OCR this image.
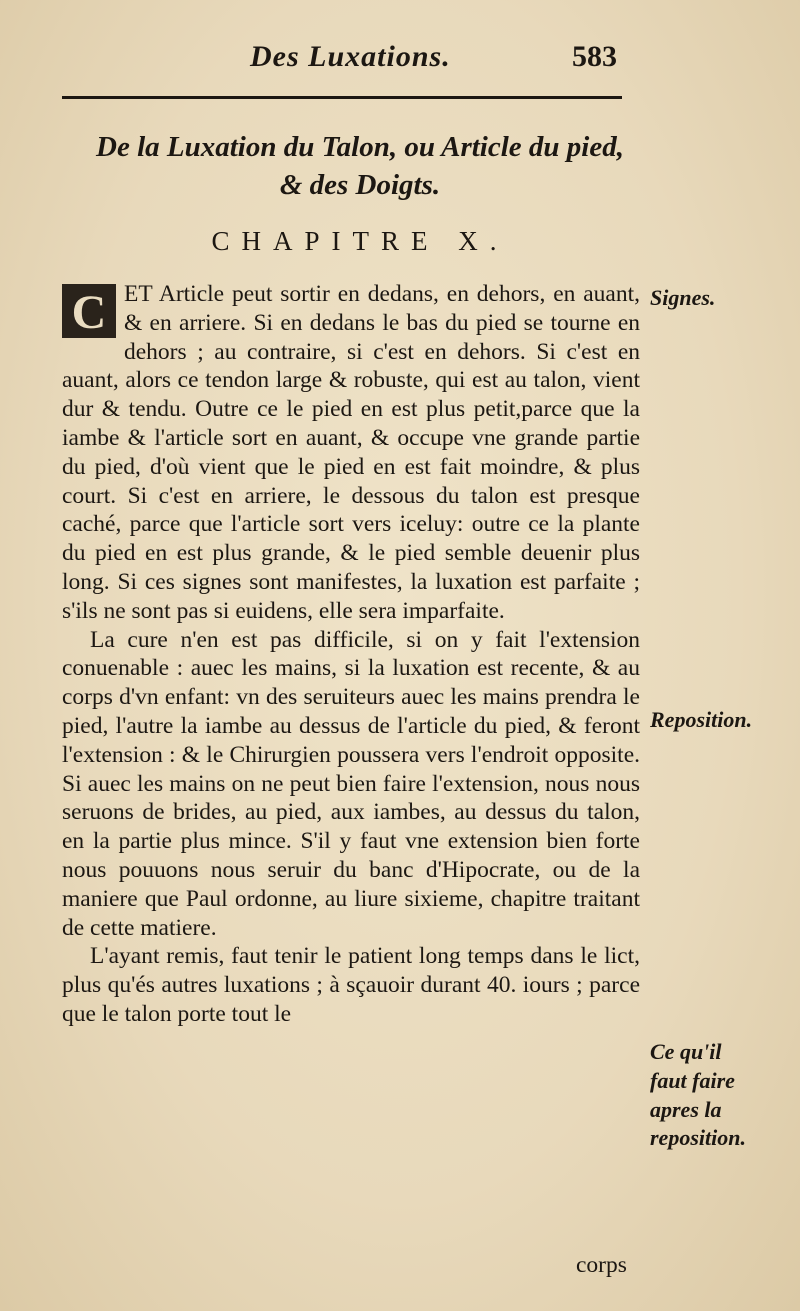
Des Luxations.	583
De la Luxation du Talon, ou Article du pied,
& des Doigts.
CHAPITRE X.

C ET Article peut sortir en dedans, en dehors, en auant, & en arriere. Si en dedans le bas du pied se tourne en dehors ; au contraire, si c'est en dehors. Si c'est en auant, alors ce tendon large & robuste, qui est au talon, vient dur & tendu. Outre ce le pied en est plus petit,parce que la iambe & l'article sort en auant, & occupe vne grande partie du pied, d'où vient que le pied en est fait moindre, & plus court. Si c'est en arriere, le dessous du talon est presque caché, parce que l'article sort vers iceluy: outre ce la plante du pied en est plus grande, & le pied semble deuenir plus long. Si ces signes sont manifestes, la luxation est parfaite ; s'ils ne sont pas si euidens, elle sera imparfaite.

La cure n'en est pas difficile, si on y fait l'extension conuenable : auec les mains, si la luxation est recente, & au corps d'vn enfant: vn des seruiteurs auec les mains prendra le pied, l'autre la iambe au dessus de l'article du pied, & feront l'extension : & le Chirurgien poussera vers l'endroit opposite. Si auec les mains on ne peut bien faire l'extension, nous nous seruons de brides, au pied, aux iambes, au dessus du talon, en la partie plus mince. S'il y faut vne extension bien forte nous pouuons nous seruir du banc d'Hipocrate, ou de la maniere que Paul ordonne, au liure sixieme, chapitre traitant de cette matiere.

L'ayant remis, faut tenir le patient long temps dans le lict, plus qu'és autres luxations ; à sçauoir durant 40. iours ; parce que le talon porte tout le

corps
Signes.
Reposition.
Ce qu'il faut faire apres la reposition.
